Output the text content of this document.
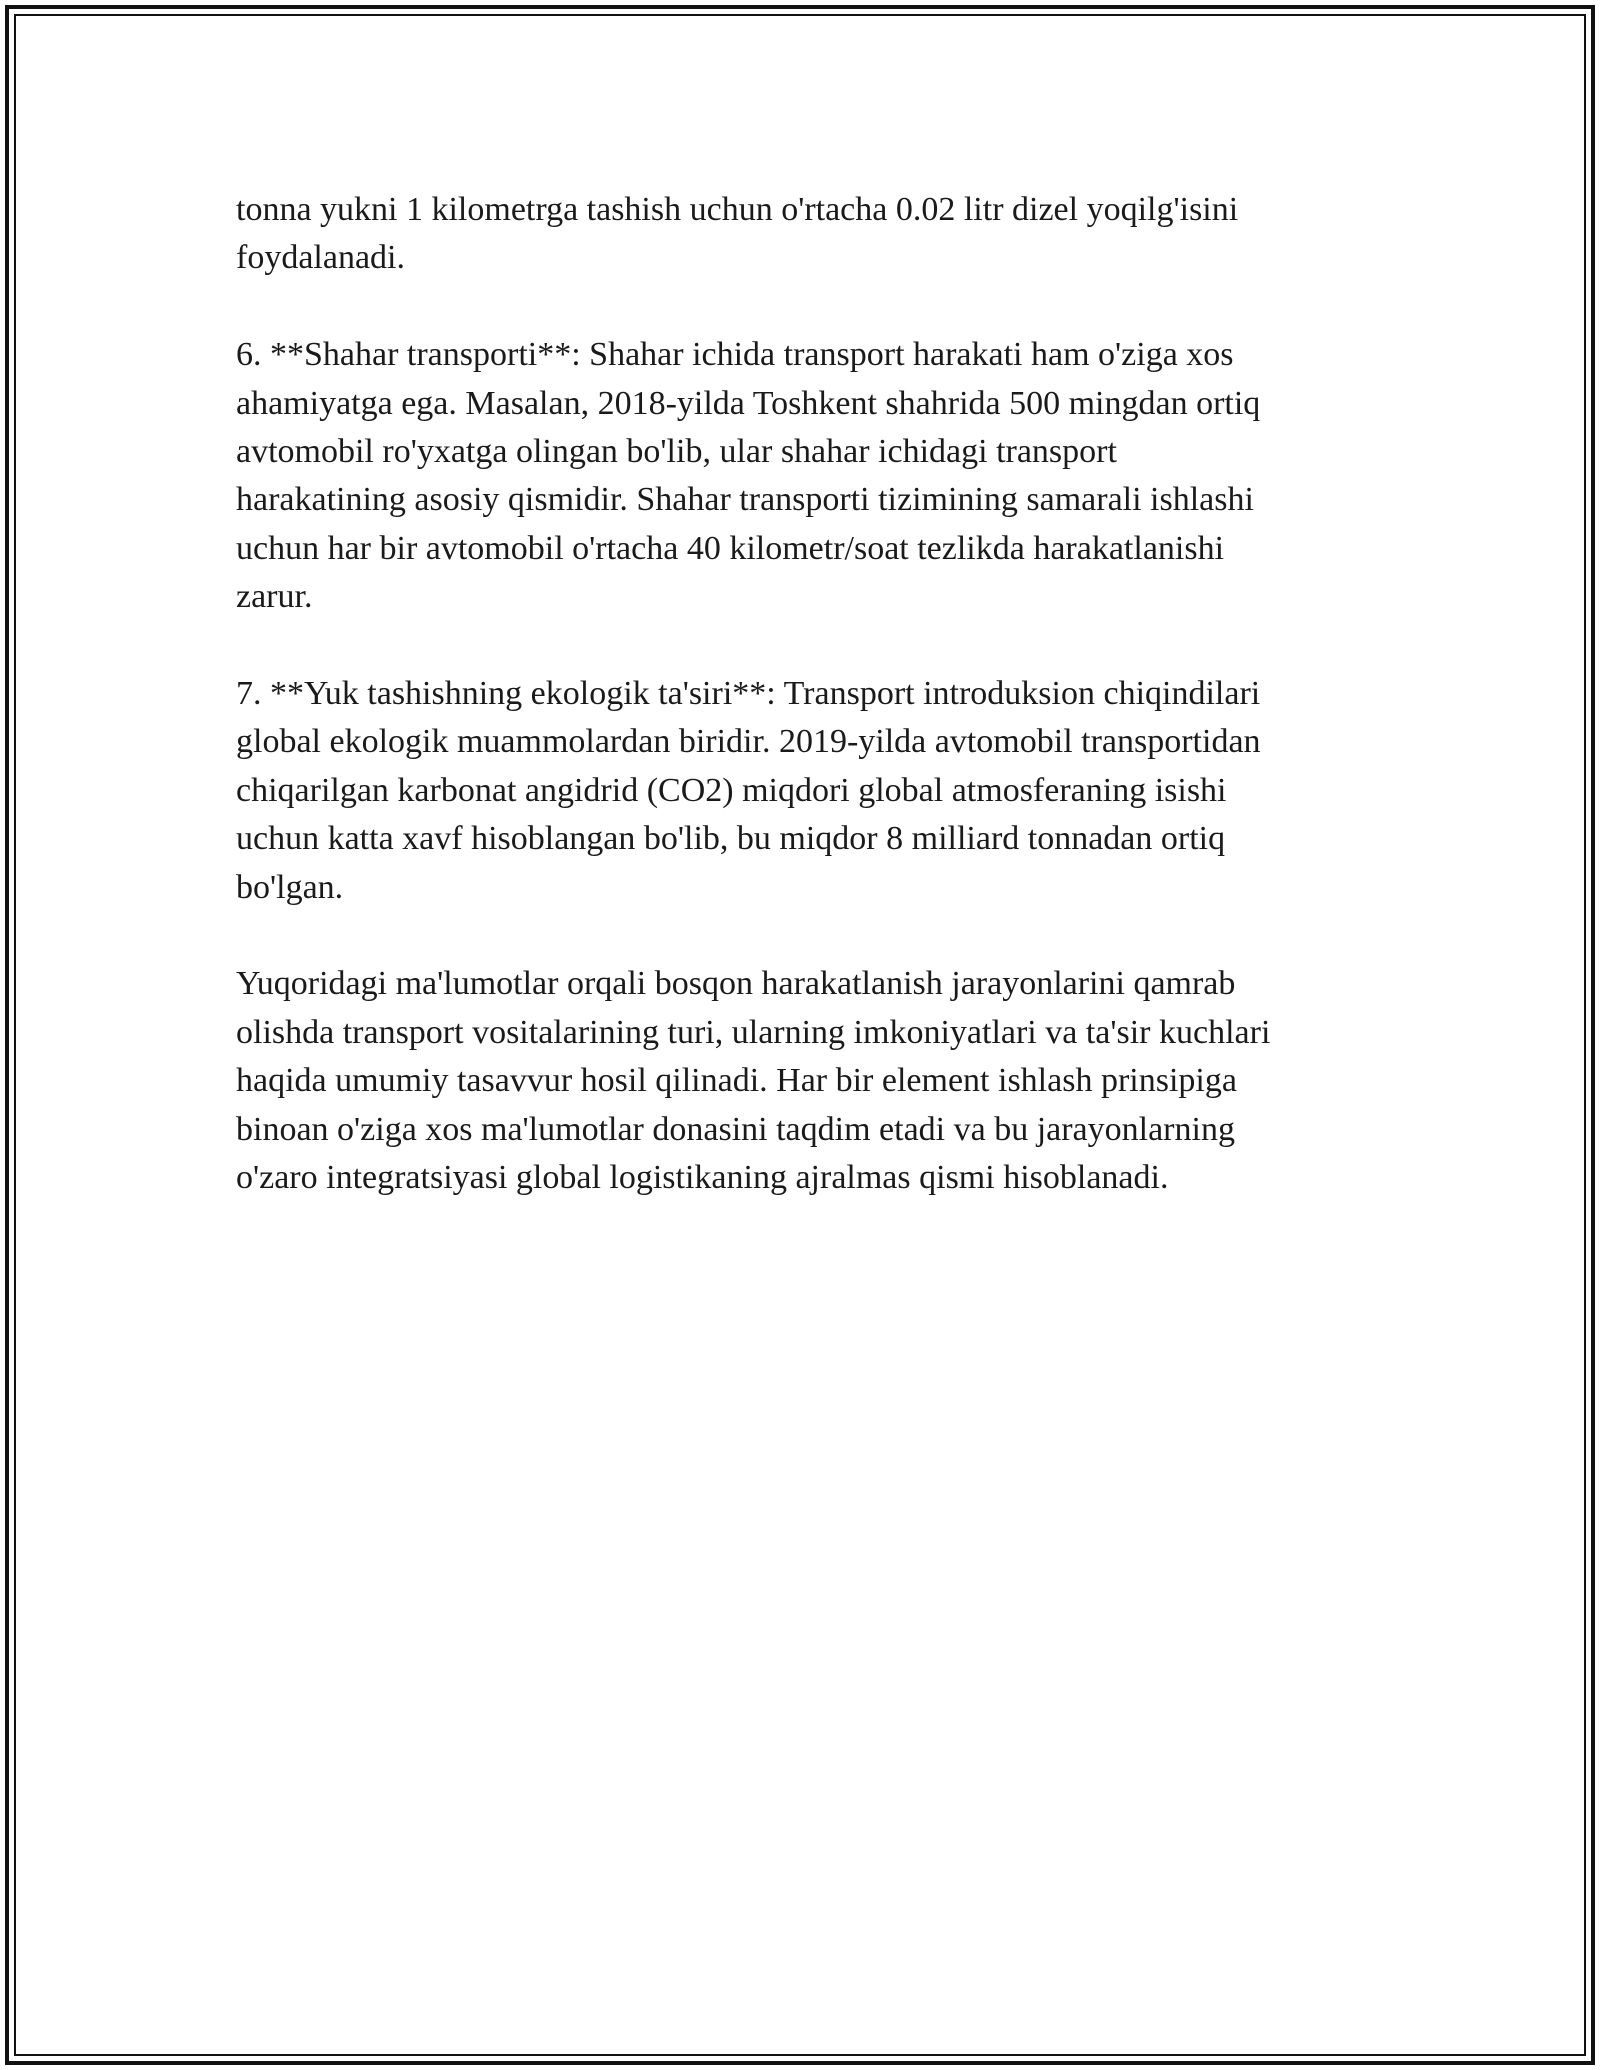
tonna yukni 1 kilometrga tashish uchun o'rtacha 0.02 litr dizel yoqilg'isini
foydalanadi.

6. **Shahar transporti**: Shahar ichida transport harakati ham o'ziga xos
ahamiyatga ega. Masalan, 2018-yilda Toshkent shahrida 500 mingdan ortiq
avtomobil ro'yxatga olingan bo'lib, ular shahar ichidagi transport
harakatining asosiy qismidir. Shahar transporti tizimining samarali ishlashi
uchun har bir avtomobil o'rtacha 40 kilometr/soat tezlikda harakatlanishi
zarur.

7. **Yuk tashishning ekologik ta'siri**: Transport introduksion chiqindilari
global ekologik muammolardan biridir. 2019-yilda avtomobil transportidan
chiqarilgan karbonat angidrid (CO2) miqdori global atmosferaning isishi
uchun katta xavf hisoblangan bo'lib, bu miqdor 8 milliard tonnadan ortiq
bo'lgan.

Yuqoridagi ma'lumotlar orqali bosqon harakatlanish jarayonlarini qamrab
olishda transport vositalarining turi, ularning imkoniyatlari va ta'sir kuchlari
haqida umumiy tasavvur hosil qilinadi. Har bir element ishlash prinsipiga
binoan o'ziga xos ma'lumotlar donasini taqdim etadi va bu jarayonlarning
o'zaro integratsiyasi global logistikaning ajralmas qismi hisoblanadi.
